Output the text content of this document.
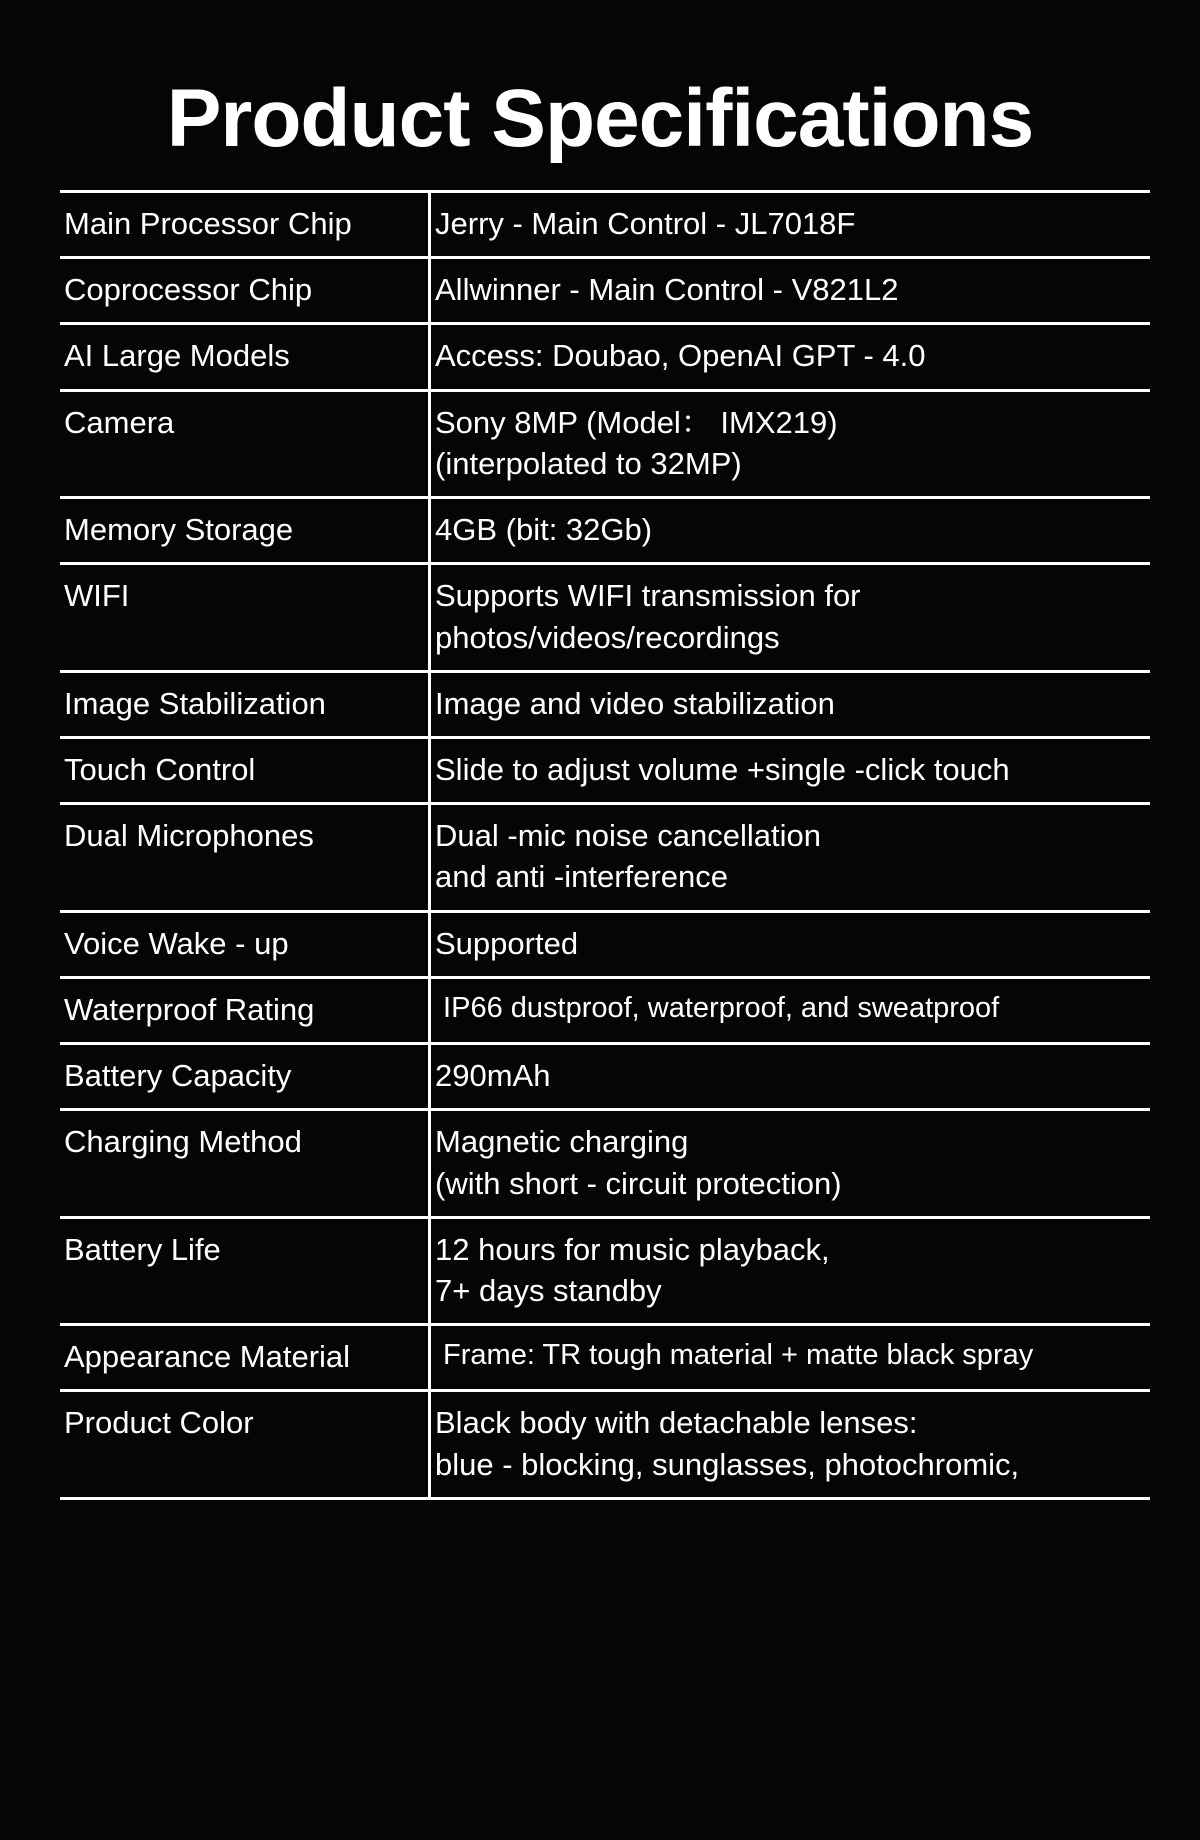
Product Specifications
Main Processor Chip	Jerry - Main Control - JL7018F

Coprocessor Chip	Allwinner - Main Control - V821L2

AI Large Models	Access: Doubao, OpenAI GPT - 4.0

Camera	Sony 8MP (Model： IMX219)
(interpolated to 32MP)

Memory Storage	4GB (bit: 32Gb)

WIFI	Supports WIFI transmission for
photos/videos/recordings

Image Stabilization	Image and video stabilization

Touch Control	Slide to adjust volume +single -click touch

Dual Microphones	Dual -mic noise cancellation
and anti -interference

Voice Wake - up	Supported

Waterproof Rating	IP66 dustproof, waterproof, and sweatproof

Battery Capacity	290mAh

Charging Method	Magnetic charging
(with short - circuit protection)

Battery Life	12 hours for music playback,
7+ days standby

Appearance Material	Frame: TR tough material + matte black spray

Product Color	Black body with detachable lenses:
blue - blocking, sunglasses, photochromic,
